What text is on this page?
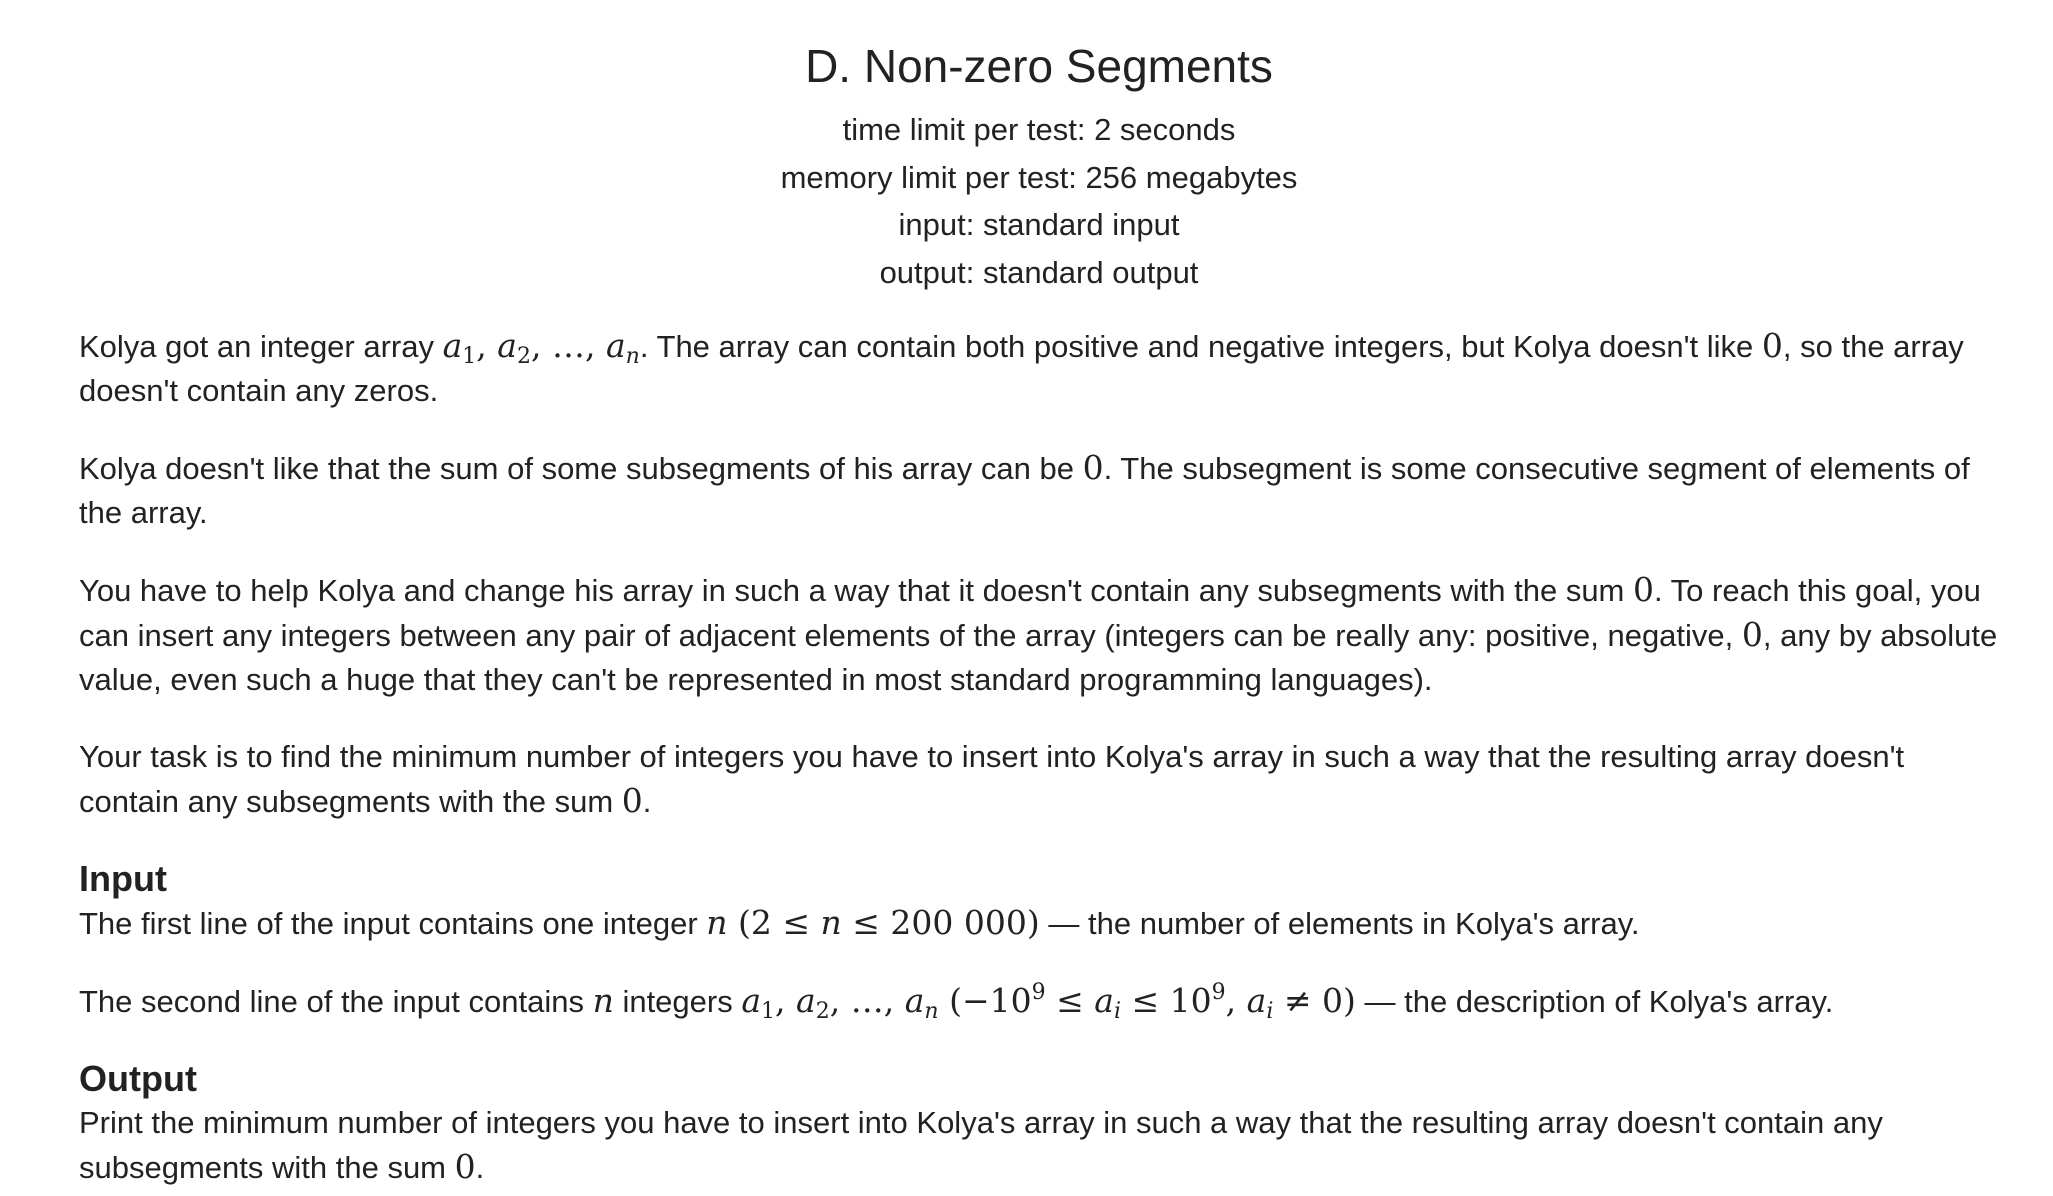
D. Non-zero Segments
time limit per test: 2 seconds
memory limit per test: 256 megabytes
input: standard input
output: standard output

Kolya got an integer array $a_1$, $a_2$, …, $a_n$. The array can contain both positive and negative integers, but Kolya doesn't like 0, so the array doesn't contain any zeros.

Kolya doesn't like that the sum of some subsegments of his array can be 0. The subsegment is some consecutive segment of elements of the array.

You have to help Kolya and change his array in such a way that it doesn't contain any subsegments with the sum 0. To reach this goal, you can insert any integers between any pair of adjacent elements of the array (integers can be really any: positive, negative, 0, any by absolute value, even such a huge that they can't be represented in most standard programming languages).

Your task is to find the minimum number of integers you have to insert into Kolya's array in such a way that the resulting array doesn't contain any subsegments with the sum 0.

Input

The first line of the input contains one integer n (2 ≤ n ≤ 200 000) — the number of elements in Kolya's array.

The second line of the input contains n integers $a_1$, $a_2$, …, $a_n$ ($-10^9 \le a_i \le 10^9$, $a_i \ne 0$) — the description of Kolya's array.

Output

Print the minimum number of integers you have to insert into Kolya's array in such a way that the resulting array doesn't contain any subsegments with the sum 0.
